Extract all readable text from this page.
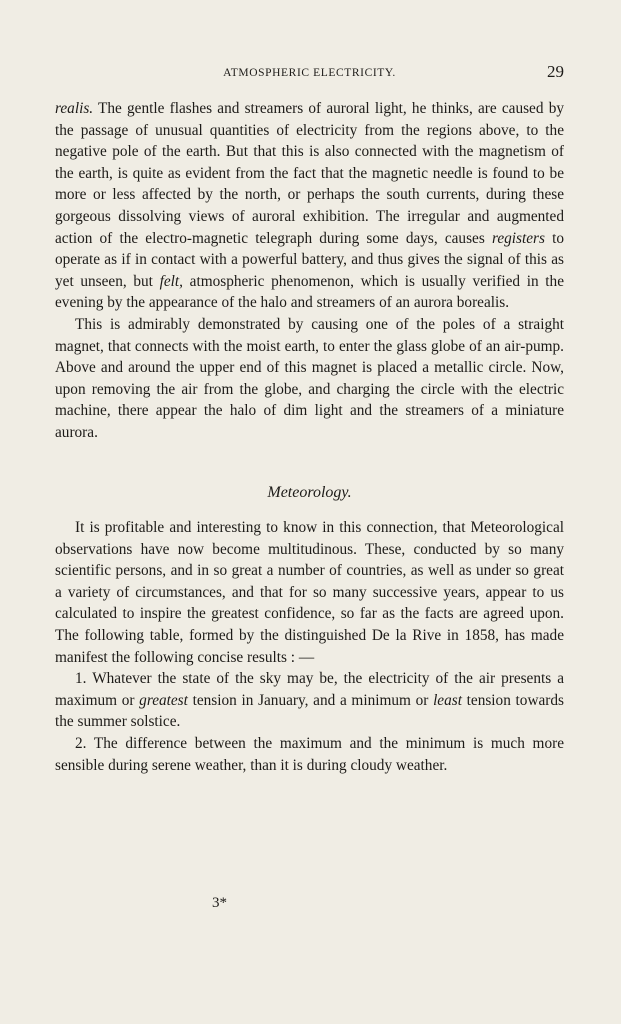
ATMOSPHERIC ELECTRICITY.	29

realis. The gentle flashes and streamers of auroral light, he thinks, are caused by the passage of unusual quantities of electricity from the regions above, to the negative pole of the earth. But that this is also connected with the magnetism of the earth, is quite as evident from the fact that the magnetic needle is found to be more or less affected by the north, or perhaps the south currents, during these gorgeous dissolving views of auroral exhibition. The irregular and augmented action of the electro-magnetic telegraph during some days, causes registers to operate as if in contact with a powerful battery, and thus gives the signal of this as yet unseen, but felt, atmospheric phenomenon, which is usually verified in the evening by the appearance of the halo and streamers of an aurora borealis.

This is admirably demonstrated by causing one of the poles of a straight magnet, that connects with the moist earth, to enter the glass globe of an air-pump. Above and around the upper end of this magnet is placed a metallic circle. Now, upon removing the air from the globe, and charging the circle with the electric machine, there appear the halo of dim light and the streamers of a miniature aurora.

Meteorology.

It is profitable and interesting to know in this connection, that Meteorological observations have now become multitudinous. These, conducted by so many scientific persons, and in so great a number of countries, as well as under so great a variety of circumstances, and that for so many successive years, appear to us calculated to inspire the greatest confidence, so far as the facts are agreed upon. The following table, formed by the distinguished De la Rive in 1858, has made manifest the following concise results : —

1. Whatever the state of the sky may be, the electricity of the air presents a maximum or greatest tension in January, and a minimum or least tension towards the summer solstice.

2. The difference between the maximum and the minimum is much more sensible during serene weather, than it is during cloudy weather.

3*
